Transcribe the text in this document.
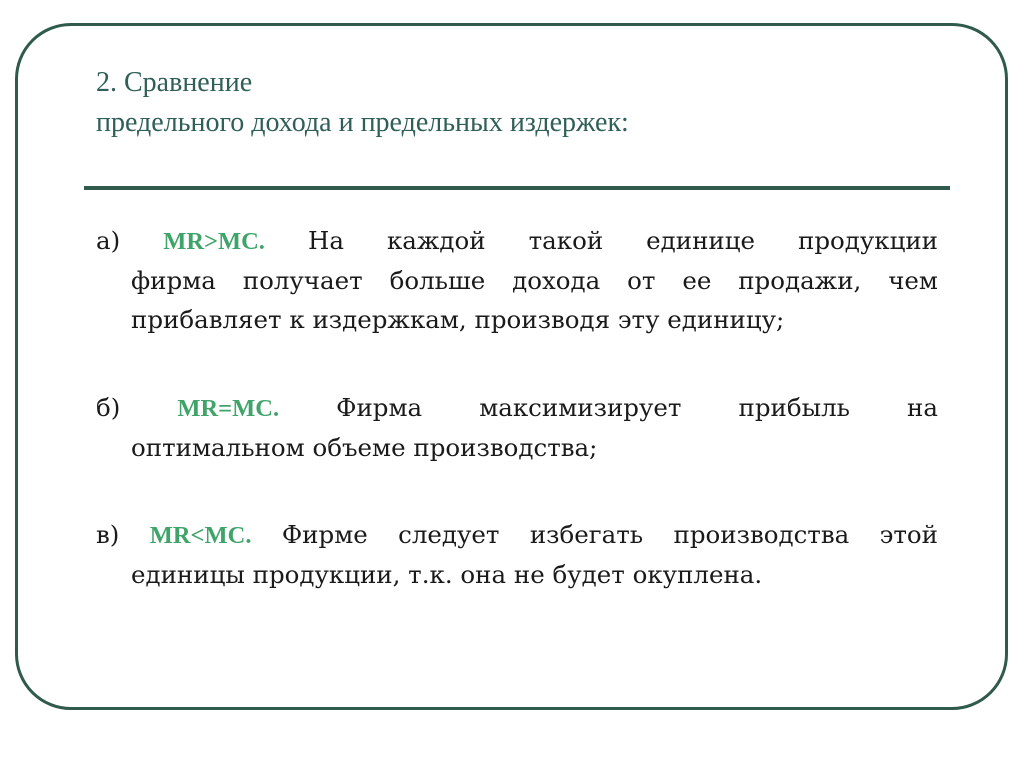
2. Сравнение
предельного дохода и предельных издержек:
а) MR>MC. На каждой такой единице продукции
фирма получает больше дохода от ее продажи, чем
прибавляет к издержкам, производя эту единицу;
б) MR=MC. Фирма максимизирует прибыль на
оптимальном объеме производства;
в) MR<MC. Фирме следует избегать производства этой
единицы продукции, т.к. она не будет окуплена.
